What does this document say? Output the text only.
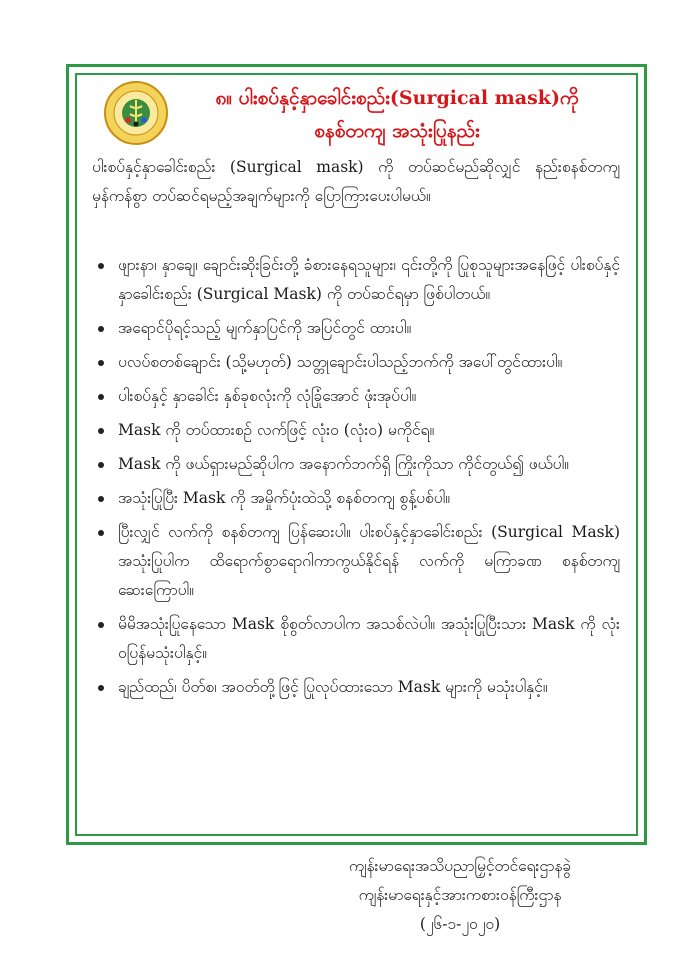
၈။ ပါးစပ်နှင့်နှာခေါင်းစည်း(Surgical mask)ကို
စနစ်တကျ အသုံးပြုနည်း
ပါးစပ်နှင့်နှာခေါင်းစည်း (Surgical mask) ကို တပ်ဆင်မည်ဆိုလျှင် နည်းစနစ်တကျ မှန်ကန်စွာ တပ်ဆင်ရမည့်အချက်များကို ပြောကြားပေးပါမယ်။
ဖျားနာ၊ နှာချေ၊ ချောင်းဆိုးခြင်းတို့ ခံစားနေရသူများ၊ ၎င်းတို့ကို ပြုစုသူများအနေဖြင့် ပါးစပ်နှင့်နှာခေါင်းစည်း (Surgical Mask) ကို တပ်ဆင်ရမှာ ဖြစ်ပါတယ်။
အရောင်ပိုရင့်သည့် မျက်နှာပြင်ကို အပြင်တွင် ထားပါ။
ပလပ်စတစ်ချောင်း (သို့မဟုတ်) သတ္တုချောင်းပါသည့်ဘက်ကို အပေါ်တွင်ထားပါ။
ပါးစပ်နှင့် နှာခေါင်း နှစ်ခုစလုံးကို လုံခြုံအောင် ဖုံးအုပ်ပါ။
Mask ကို တပ်ထားစဉ် လက်ဖြင့် လုံးဝ (လုံးဝ) မကိုင်ရ။
Mask ကို ဖယ်ရှားမည်ဆိုပါက အနောက်ဘက်ရှိ ကြိုးကိုသာ ကိုင်တွယ်၍ ဖယ်ပါ။
အသုံးပြုပြီး Mask ကို အမှိုက်ပုံးထဲသို့ စနစ်တကျ စွန့်ပစ်ပါ။
ပြီးလျှင် လက်ကို စနစ်တကျ ပြန်ဆေးပါ။ ပါးစပ်နှင့်နှာခေါင်းစည်း (Surgical Mask) အသုံးပြုပါက ထိရောက်စွာရောဂါကာကွယ်နိုင်ရန် လက်ကို မကြာခဏ စနစ်တကျ ဆေးကြောပါ။
မိမိအသုံးပြုနေသော Mask စိုစွတ်လာပါက အသစ်လဲပါ။ အသုံးပြုပြီးသား Mask ကို လုံးဝပြန်မသုံးပါနှင့်။
ချည်ထည်၊ ပိတ်စ၊ အဝတ်တို့ဖြင့် ပြုလုပ်ထားသော Mask များကို မသုံးပါနှင့်။
ကျန်းမာရေးအသိပညာမြှင့်တင်ရေးဌာနခွဲ
ကျန်းမာရေးနှင့်အားကစားဝန်ကြီးဌာန
(၂၆-၁-၂၀၂၀)
